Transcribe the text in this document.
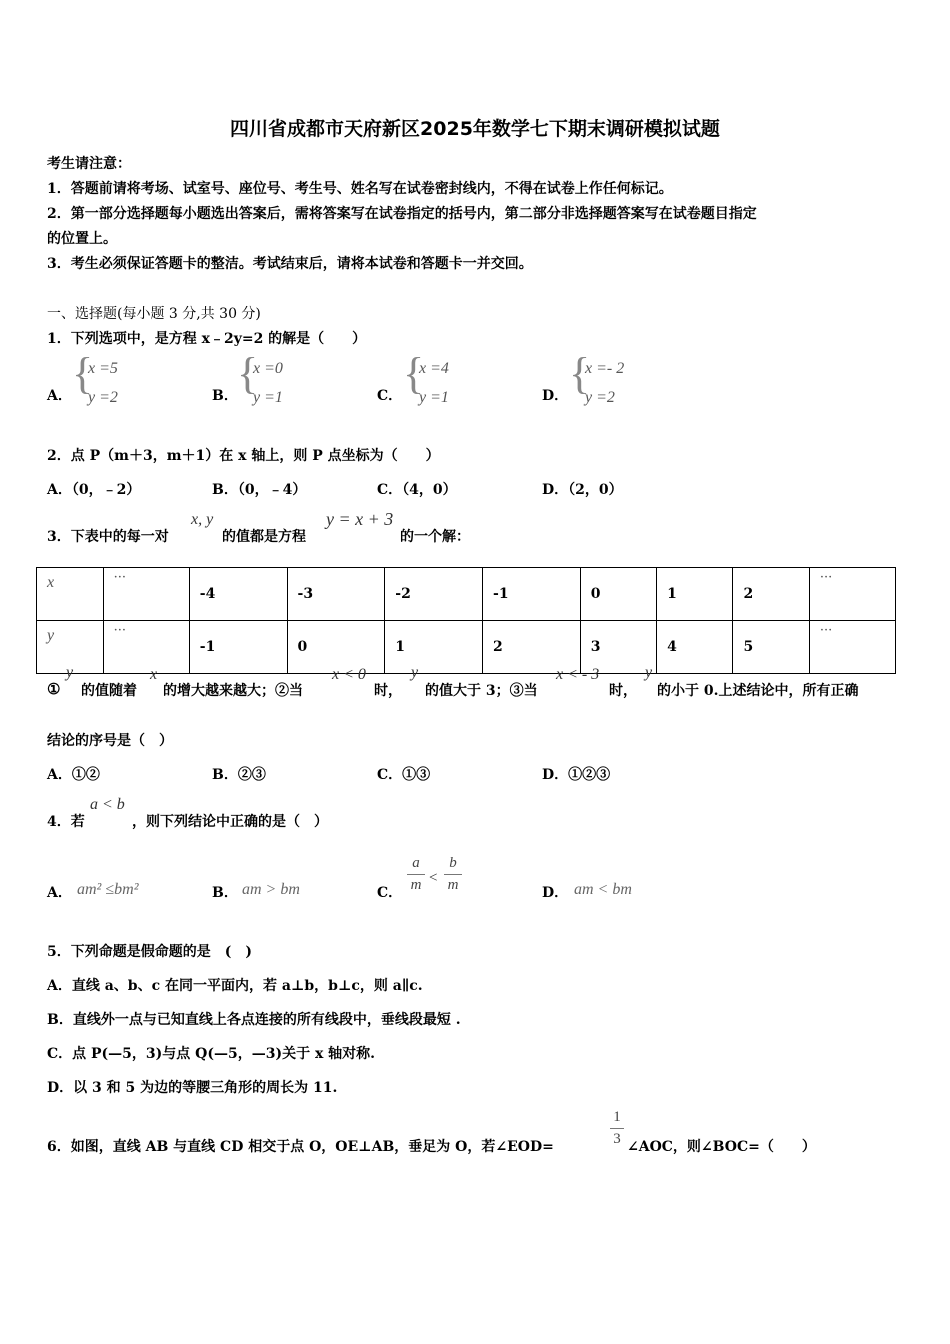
四川省成都市天府新区2025年数学七下期末调研模拟试题
考生请注意：
1．答题前请将考场、试室号、座位号、考生号、姓名写在试卷密封线内，不得在试卷上作任何标记。
2．第一部分选择题每小题选出答案后，需将答案写在试卷指定的括号内，第二部分非选择题答案写在试卷题目指定
的位置上。
3．考生必须保证答题卡的整洁。考试结束后，请将本试卷和答题卡一并交回。
一、选择题(每小题 3 分,共 30 分)
1．下列选项中，是方程 x﹣2y=2 的解是（　　）
A． {
x =5
y =2	B． {
x =0
y =1	C． {
x =4
y =1	D． {
x =- 2
y =2
2．点 P（m＋3，m＋1）在 x 轴上，则 P 点坐标为（　　）
A．（0，﹣2）	B．（0，﹣4）	C．（4，0）	D．（2，0）
3．下表中的每一对
x, y
的值都是方程
y = x + 3
的一个解：
x	···	-4	-3	-2	-1	0	1	2	···
y	···	-1	0	1	2	3	4	5	···
①
y
的值随着
x
的增大越来越大；②当
x < 0
时，
y
的值大于 3；③当
x < - 3
时，
y
的小于 0.上述结论中，所有正确
结论的序号是（　）
A．①②	B．②③	C．①③	D．①②③
4．若
a < b
，则下列结论中正确的是（　）
A． am² ≤bm²	B． am > bm	C．
a
m <
b
m	D． am < bm
5．下列命题是假命题的是　(　)
A．直线 a、b、c 在同一平面内，若 a⊥b，b⊥c，则 a∥c.
B．直线外一点与已知直线上各点连接的所有线段中，垂线段最短 .
C．点 P(—5，3)与点 Q(—5，—3)关于 x 轴对称.
D．以 3 和 5 为边的等腰三角形的周长为 11.
6．如图，直线 AB 与直线 CD 相交于点 O，OE⊥AB，垂足为 O，若∠EOD=
1
3 ∠AOC，则∠BOC=（　　）
